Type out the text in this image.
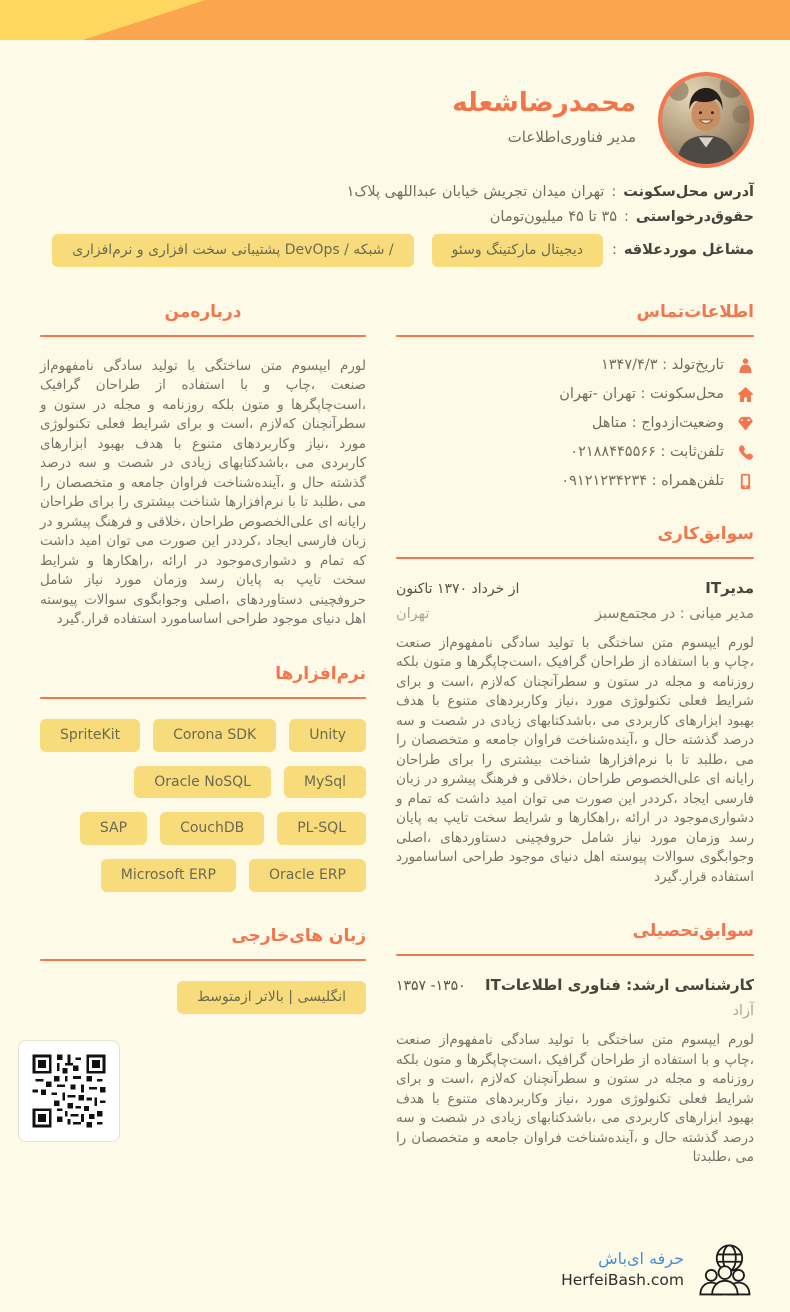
محمدرضاشعله
مدیر فناوری‌اطلاعات
آدرس محل‌سکونت
:
تهران میدان تجریش خیابان عبداللهی پلاک۱
حقوق‌درخواستی
:
۳۵ تا ۴۵ میلیون‌تومان
مشاغل موردعلاقه
:
دیجیتال مارکتینگ وسئو
/ شبکه / DevOps پشتیبانی سخت افزاری و نرم‌افزاری
اطلاعات‌تماس
تاریخ‌تولد : ۱۳۴۷/۴/۳
محل‌سکونت : تهران -تهران
وضعیت‌ازدواج : متاهل
تلفن‌ثابت : ۰۲۱۸۸۴۴۵۵۶۶
تلفن‌همراه : ۰۹۱۲۱۲۳۴۲۳۴
سوابق‌کاری
مدیرIT
از خرداد ۱۳۷۰ تاکنون
مدیر میانی : در مجتمع‌سبز
تهران

لورم ایپسوم متن ساختگی با تولید سادگی نامفهوم‌از صنعت ،چاپ و با استفاده از طراحان گرافیک ،است‌چاپگرها و متون بلکه روزنامه و مجله در ستون و سطرآنچنان که‌لازم ،است و برای شرایط فعلی تکنولوژی مورد ،نیاز وکاربردهای متنوع با هدف بهبود ابزارهای کاربردی می ،باشدکتابهای زیادی در شصت و سه درصد گذشته حال و ،آینده‌شناخت فراوان جامعه و متخصصان را می ،طلبد تا با نرم‌افزارها شناخت بیشتری را برای طراحان رایانه ای علی‌الخصوص طراحان ،خلاقی و فرهنگ پیشرو در زبان فارسی ایجاد ،کرددر این صورت می توان امید داشت که تمام و دشواری‌موجود در ارائه ،راهکارها و شرایط سخت تایپ به پایان رسد وزمان مورد نیاز شامل حروفچینی دستاوردهای ،اصلی وجوابگوی سوالات پیوسته اهل دنیای موجود طراحی اساسامورد استفاده قرار.گیرد

سوابق‌تحصیلی
کارشناسی ارشد: فناوری اطلاعاتIT
۱۳۵۰- ۱۳۵۷
آزاد

لورم ایپسوم متن ساختگی با تولید سادگی نامفهوم‌از صنعت ،چاپ و با استفاده از طراحان گرافیک ،است‌چاپگرها و متون بلکه روزنامه و مجله در ستون و سطرآنچنان که‌لازم ،است و برای شرایط فعلی تکنولوژی مورد ،نیاز وکاربردهای متنوع با هدف بهبود ابزارهای کاربردی می ،باشدکتابهای زیادی در شصت و سه درصد گذشته حال و ،آینده‌شناخت فراوان جامعه و متخصصان را می ،طلبدتا

درباره‌من

لورم ایپسوم متن ساختگی با تولید سادگی نامفهوم‌از صنعت ،چاپ و با استفاده از طراحان گرافیک ،است‌چاپگرها و متون بلکه روزنامه و مجله در ستون و سطرآنچنان که‌لازم ،است و برای شرایط فعلی تکنولوژی مورد ،نیاز وکاربردهای متنوع با هدف بهبود ابزارهای کاربردی می ،باشدکتابهای زیادی در شصت و سه درصد گذشته حال و ،آینده‌شناخت فراوان جامعه و متخصصان را می ،طلبد تا با نرم‌افزارها شناخت بیشتری را برای طراحان رایانه ای علی‌الخصوص طراحان ،خلاقی و فرهنگ پیشرو در زبان فارسی ایجاد ،کرددر این صورت می توان امید داشت که تمام و دشواری‌موجود در ارائه ،راهکارها و شرایط سخت تایپ به پایان رسد وزمان مورد نیاز شامل حروفچینی دستاوردهای ،اصلی وجوابگوی سوالات پیوسته اهل دنیای موجود طراحی اساسامورد استفاده قرار.گیرد

نرم‌افزارها
Unity
Corona SDK
SpriteKit
MySql
Oracle NoSQL
PL-SQL
CouchDB
SAP
Oracle ERP
Microsoft ERP
زبان های‌خارجی
انگلیسی | بالاتر ازمتوسط
حرفه ای‌باش
HerfeiBash.com
